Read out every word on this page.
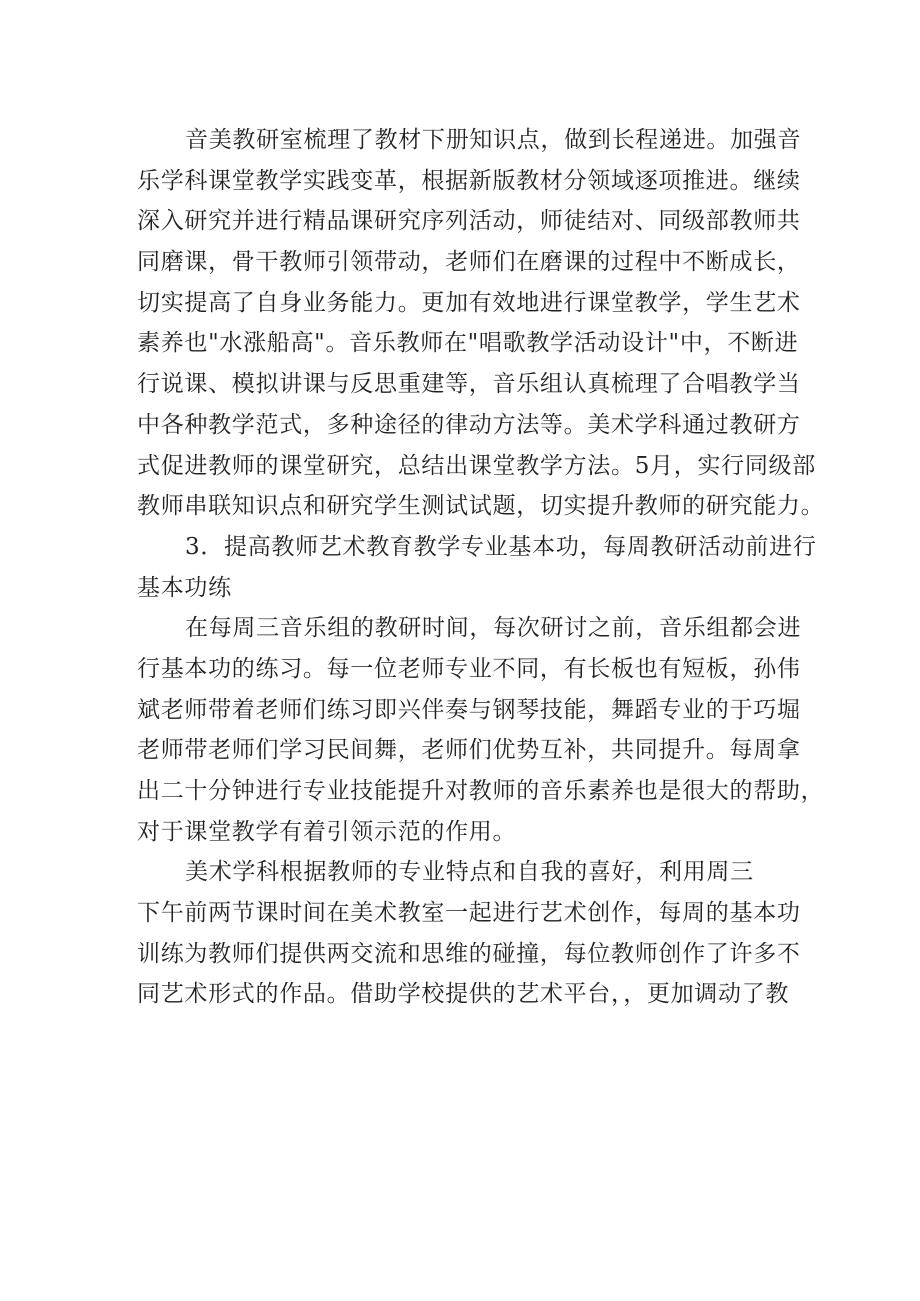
音美教研室梳理了教材下册知识点，做到长程递进。加强音
乐学科课堂教学实践变革，根据新版教材分领域逐项推进。继续
深入研究并进行精品课研究序列活动，师徒结对、同级部教师共
同磨课，骨干教师引领带动，老师们在磨课的过程中不断成长，
切实提高了自身业务能力。更加有效地进行课堂教学，学生艺术
素养也"水涨船高"。音乐教师在"唱歌教学活动设计"中，不断进
行说课、模拟讲课与反思重建等，音乐组认真梳理了合唱教学当
中各种教学范式，多种途径的律动方法等。美术学科通过教研方
式促进教师的课堂研究，总结出课堂教学方法。5月，实行同级部
教师串联知识点和研究学生测试试题，切实提升教师的研究能力。
3．提高教师艺术教育教学专业基本功，每周教研活动前进行
基本功练
在每周三音乐组的教研时间，每次研讨之前，音乐组都会进
行基本功的练习。每一位老师专业不同，有长板也有短板，孙伟
斌老师带着老师们练习即兴伴奏与钢琴技能，舞蹈专业的于巧堀
老师带老师们学习民间舞，老师们优势互补，共同提升。每周拿
出二十分钟进行专业技能提升对教师的音乐素养也是很大的帮助，
对于课堂教学有着引领示范的作用。
美术学科根据教师的专业特点和自我的喜好，利用周三
下午前两节课时间在美术教室一起进行艺术创作，每周的基本功
训练为教师们提供两交流和思维的碰撞，每位教师创作了许多不
同艺术形式的作品。借助学校提供的艺术平台，，更加调动了教
